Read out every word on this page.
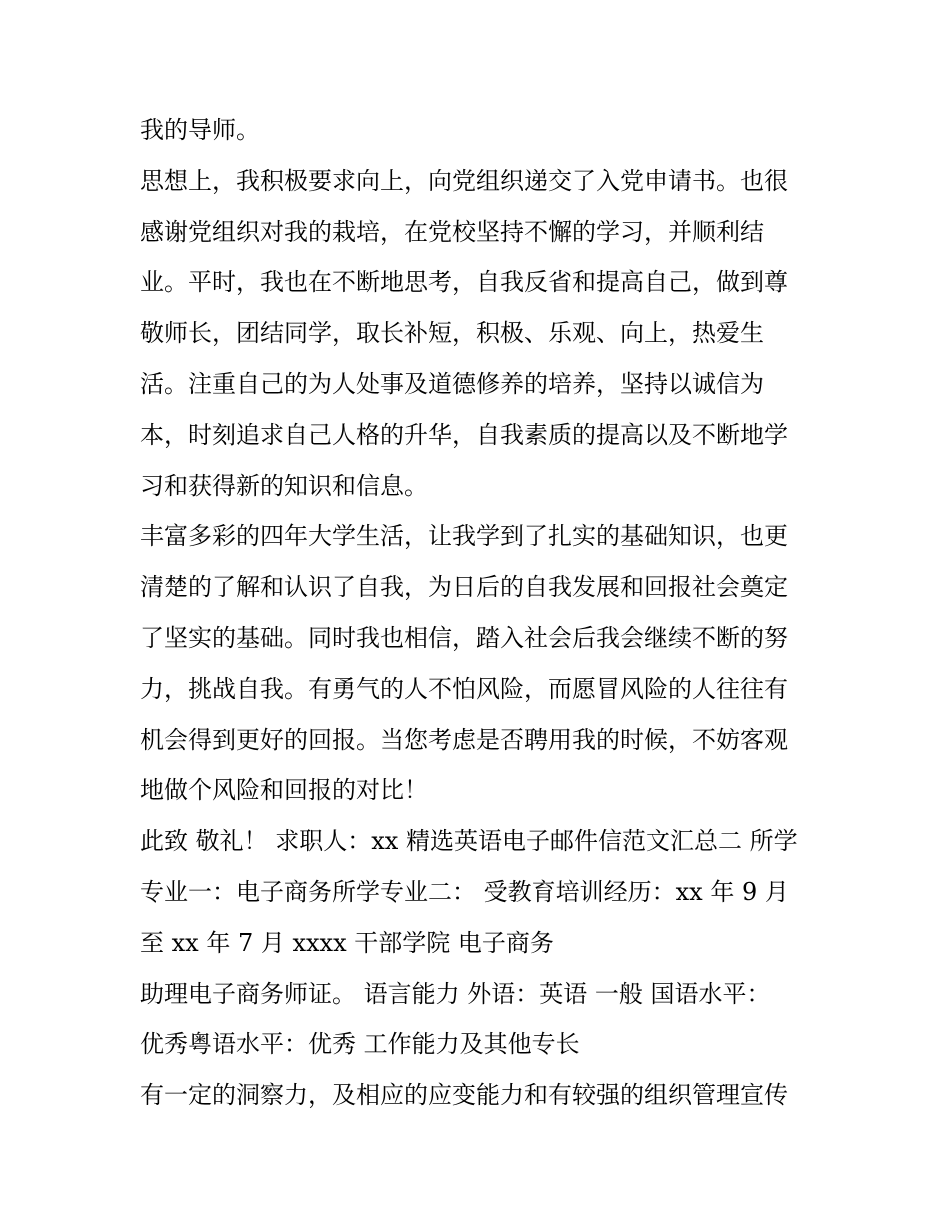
我的导师。
思想上，我积极要求向上，向党组织递交了入党申请书。也很
感谢党组织对我的栽培，在党校坚持不懈的学习，并顺利结
业。平时，我也在不断地思考，自我反省和提高自己，做到尊
敬师长，团结同学，取长补短，积极、乐观、向上，热爱生
活。注重自己的为人处事及道德修养的培养，坚持以诚信为
本，时刻追求自己人格的升华，自我素质的提高以及不断地学
习和获得新的知识和信息。
丰富多彩的四年大学生活，让我学到了扎实的基础知识，也更
清楚的了解和认识了自我，为日后的自我发展和回报社会奠定
了坚实的基础。同时我也相信，踏入社会后我会继续不断的努
力，挑战自我。有勇气的人不怕风险，而愿冒风险的人往往有
机会得到更好的回报。当您考虑是否聘用我的时候，不妨客观
地做个风险和回报的对比！
此致 敬礼！ 求职人：xx 精选英语电子邮件信范文汇总二 所学
专业一：电子商务所学专业二： 受教育培训经历：xx 年 9 月
至 xx 年 7 月 xxxx 干部学院 电子商务
助理电子商务师证。 语言能力 外语：英语 一般 国语水平：
优秀粤语水平：优秀 工作能力及其他专长
有一定的洞察力，及相应的应变能力和有较强的组织管理宣传
